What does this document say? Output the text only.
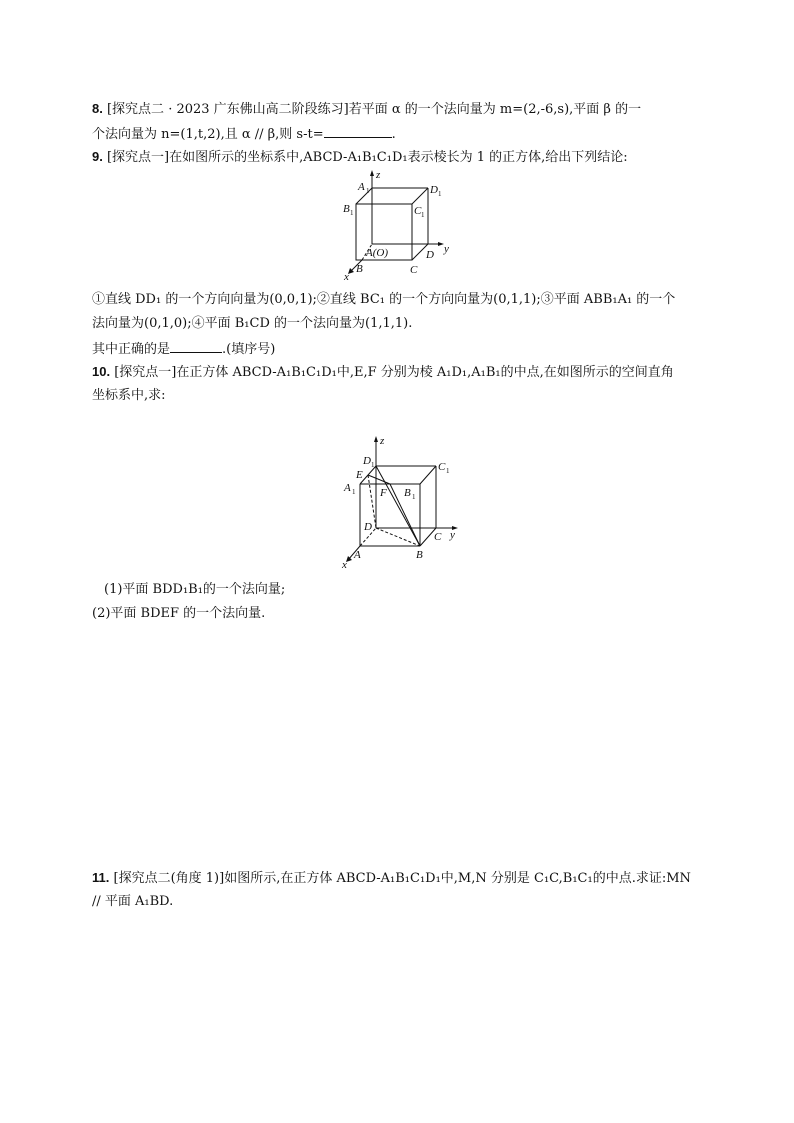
8. [探究点二 · 2023 广东佛山高二阶段练习]若平面 α 的一个法向量为 m=(2,-6,s),平面 β 的一
个法向量为 n=(1,t,2),且 α // β,则 s-t=	.
9. [探究点一]在如图所示的坐标系中,ABCD-A₁B₁C₁D₁表示棱长为 1 的正方体,给出下列结论:
z
y
x
A 1	D 1
B 1	C 1
A(O)	D
B	C
①直线 DD₁ 的一个方向向量为(0,0,1);②直线 BC₁ 的一个方向向量为(0,1,1);③平面 ABB₁A₁ 的一个
法向量为(0,1,0);④平面 B₁CD 的一个法向量为(1,1,1).
其中正确的是	.(填序号)
10. [探究点一]在正方体 ABCD-A₁B₁C₁D₁中,E,F 分别为棱 A₁D₁,A₁B₁的中点,在如图所示的空间直角
坐标系中,求:
z
y
x
D 1	C 1
E
A 1 F B 1
D
A	B
C
(1)平面 BDD₁B₁的一个法向量;
(2)平面 BDEF 的一个法向量.
11. [探究点二(角度 1)]如图所示,在正方体 ABCD-A₁B₁C₁D₁中,M,N 分别是 C₁C,B₁C₁的中点.求证:MN
// 平面 A₁BD.
